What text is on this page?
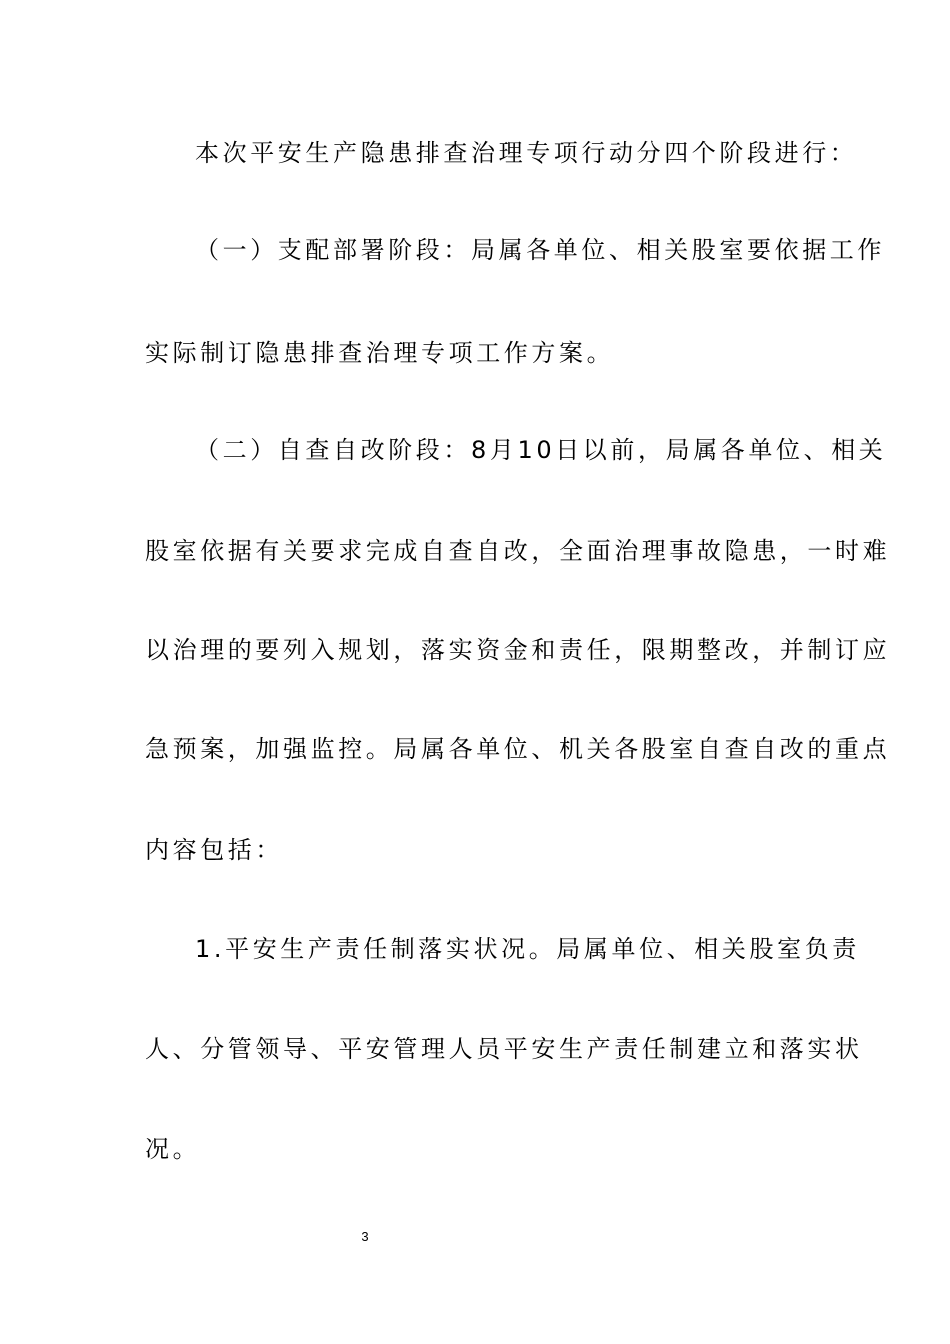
本次平安生产隐患排查治理专项行动分四个阶段进行：
（一）支配部署阶段：局属各单位、相关股室要依据工作
实际制订隐患排查治理专项工作方案。
（二）自查自改阶段：8月10日以前，局属各单位、相关
股室依据有关要求完成自查自改，全面治理事故隐患，一时难
以治理的要列入规划，落实资金和责任，限期整改，并制订应
急预案，加强监控。局属各单位、机关各股室自查自改的重点
内容包括：
1.平安生产责任制落实状况。局属单位、相关股室负责
人、分管领导、平安管理人员平安生产责任制建立和落实状
况。
3
